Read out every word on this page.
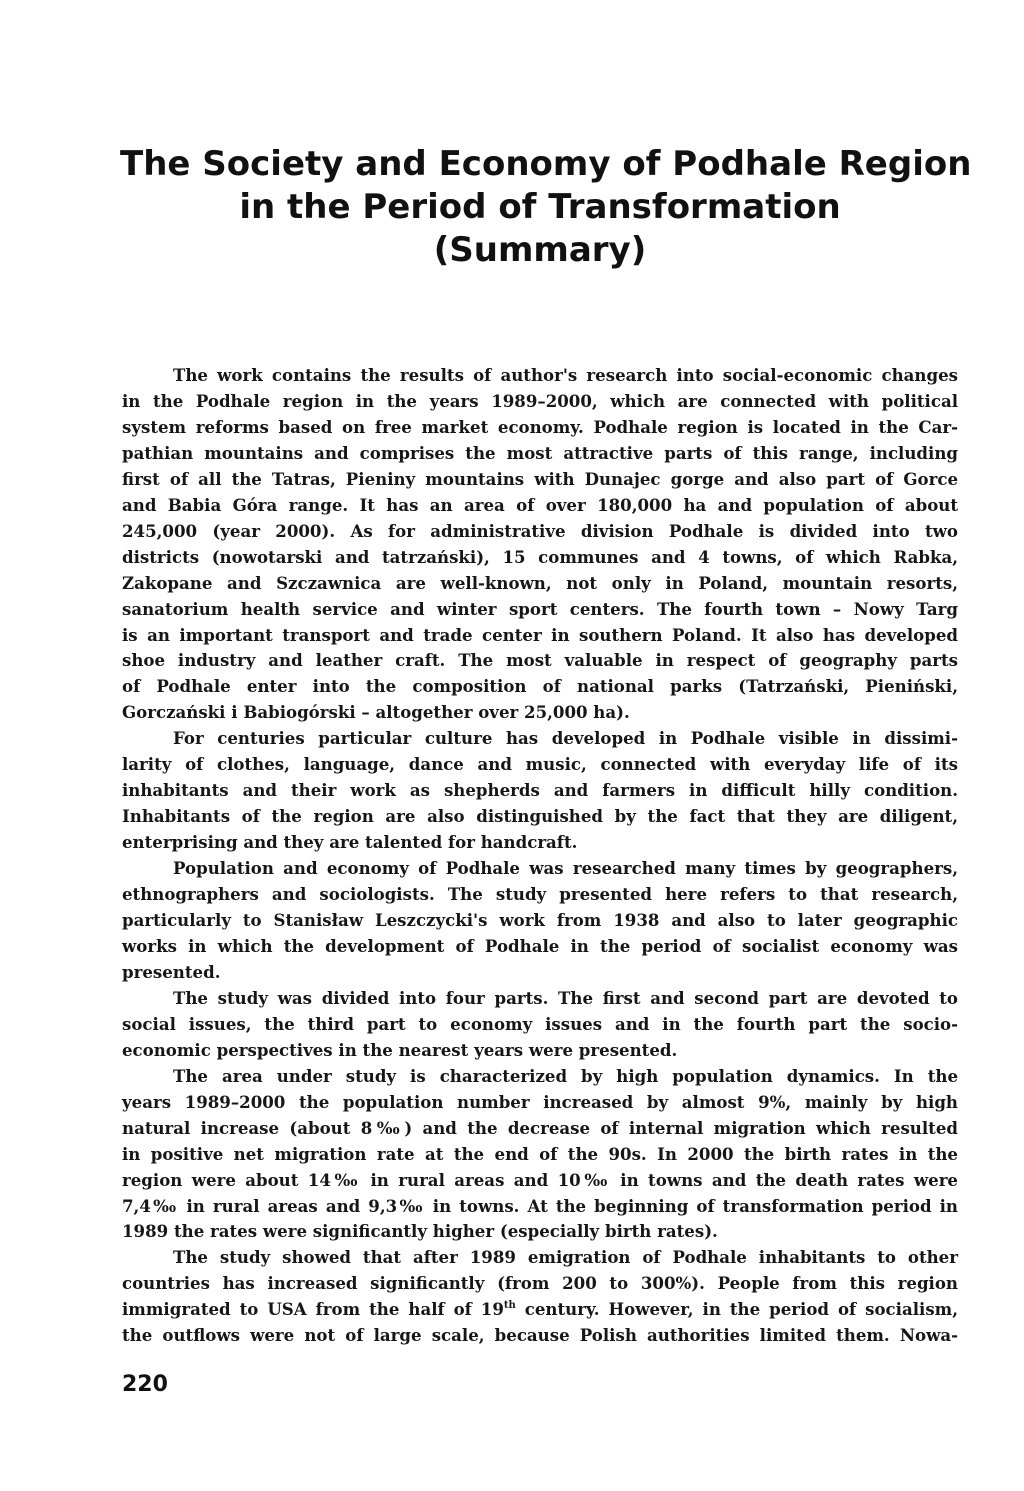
The Society and Economy of Podhale Region
in the Period of Transformation
(Summary)

The work contains the results of author's research into social-economic changes
in the Podhale region in the years 1989–2000, which are connected with political
system reforms based on free market economy. Podhale region is located in the Car-
pathian mountains and comprises the most attractive parts of this range, including
first of all the Tatras, Pieniny mountains with Dunajec gorge and also part of Gorce
and Babia Góra range. It has an area of over 180,000 ha and population of about
245,000 (year 2000). As for administrative division Podhale is divided into two
districts (nowotarski and tatrzański), 15 communes and 4 towns, of which Rabka,
Zakopane and Szczawnica are well-known, not only in Poland, mountain resorts,
sanatorium health service and winter sport centers. The fourth town – Nowy Targ
is an important transport and trade center in southern Poland. It also has developed
shoe industry and leather craft. The most valuable in respect of geography parts
of Podhale enter into the composition of national parks (Tatrzański, Pieniński,
Gorczański i Babiogórski – altogether over 25,000 ha).

For centuries particular culture has developed in Podhale visible in dissimi-
larity of clothes, language, dance and music, connected with everyday life of its
inhabitants and their work as shepherds and farmers in difficult hilly condition.
Inhabitants of the region are also distinguished by the fact that they are diligent,
enterprising and they are talented for handcraft.

Population and economy of Podhale was researched many times by geographers,
ethnographers and sociologists. The study presented here refers to that research,
particularly to Stanisław Leszczycki's work from 1938 and also to later geographic
works in which the development of Podhale in the period of socialist economy was
presented.

The study was divided into four parts. The first and second part are devoted to
social issues, the third part to economy issues and in the fourth part the socio-
economic perspectives in the nearest years were presented.

The area under study is characterized by high population dynamics. In the
years 1989–2000 the population number increased by almost 9%, mainly by high
natural increase (about 8‰) and the decrease of internal migration which resulted
in positive net migration rate at the end of the 90s. In 2000 the birth rates in the
region were about 14‰ in rural areas and 10‰ in towns and the death rates were
7,4‰ in rural areas and 9,3‰ in towns. At the beginning of transformation period in
1989 the rates were significantly higher (especially birth rates).

The study showed that after 1989 emigration of Podhale inhabitants to other
countries has increased significantly (from 200 to 300%). People from this region
immigrated to USA from the half of 19th century. However, in the period of socialism,
the outflows were not of large scale, because Polish authorities limited them. Nowa-

220
